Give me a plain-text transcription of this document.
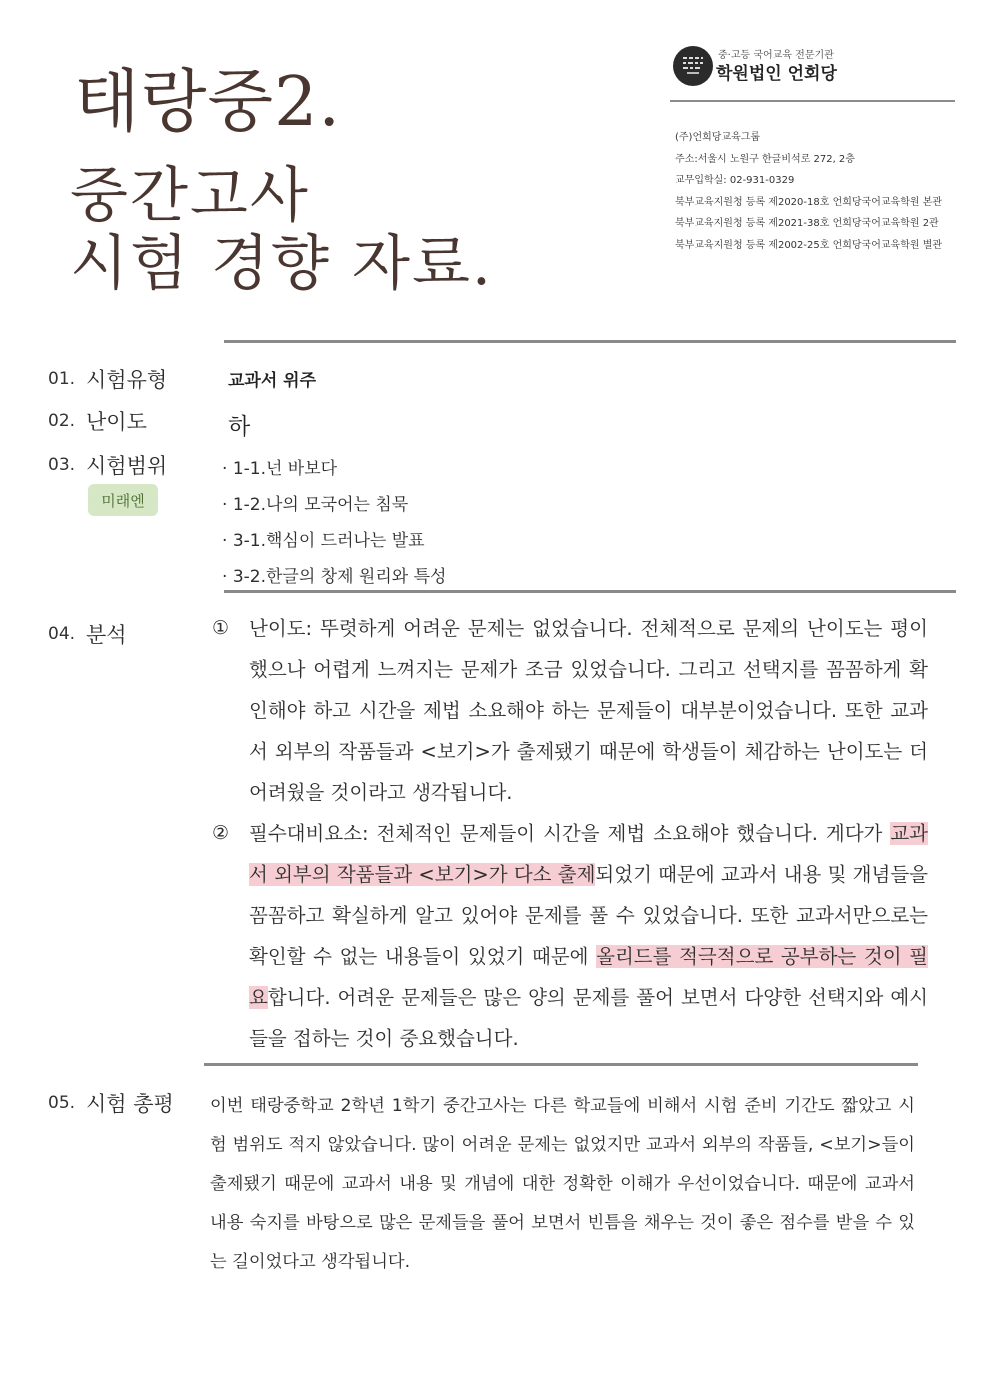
태랑중2.
중간고사
시험 경향 자료.
중·고등 국어교육 전문기관
학원법인 언회당
(주)언희당교육그룹
주소:서울시 노원구 한글비석로 272, 2층
교무입학실: 02-931-0329
북부교육지원청 등록 제2020-18호 언희당국어교육학원 본관
북부교육지원청 등록 제2021-38호 언희당국어교육학원 2관
북부교육지원청 등록 제2002-25호 언희당국어교육학원 별관
01. 시험유형	교과서 위주
02. 난이도	하
03. 시험범위
미래엔
· 1-1.넌 바보다
· 1-2.나의 모국어는 침묵
· 3-1.핵심이 드러나는 발표
· 3-2.한글의 창제 원리와 특성
04. 분석	① 난이도: 뚜렷하게 어려운 문제는 없었습니다. 전체적으로 문제의 난이도는 평이했으나 어렵게 느껴지는 문제가 조금 있었습니다. 그리고 선택지를 꼼꼼하게 확인해야 하고 시간을 제법 소요해야 하는 문제들이 대부분이었습니다. 또한 교과서 외부의 작품들과 <보기>가 출제됐기 때문에 학생들이 체감하는 난이도는 더 어려웠을 것이라고 생각됩니다.
② 필수대비요소: 전체적인 문제들이 시간을 제법 소요해야 했습니다. 게다가 교과서 외부의 작품들과 <보기>가 다소 출제되었기 때문에 교과서 내용 및 개념들을 꼼꼼하고 확실하게 알고 있어야 문제를 풀 수 있었습니다. 또한 교과서만으로는 확인할 수 없는 내용들이 있었기 때문에 올리드를 적극적으로 공부하는 것이 필요합니다. 어려운 문제들은 많은 양의 문제를 풀어 보면서 다양한 선택지와 예시들을 접하는 것이 중요했습니다.
05. 시험 총평 이번 태랑중학교 2학년 1학기 중간고사는 다른 학교들에 비해서 시험 준비 기간도 짧았고 시험 범위도 적지 않았습니다. 많이 어려운 문제는 없었지만 교과서 외부의 작품들, <보기>들이 출제됐기 때문에 교과서 내용 및 개념에 대한 정확한 이해가 우선이었습니다. 때문에 교과서 내용 숙지를 바탕으로 많은 문제들을 풀어 보면서 빈틈을 채우는 것이 좋은 점수를 받을 수 있는 길이었다고 생각됩니다.
